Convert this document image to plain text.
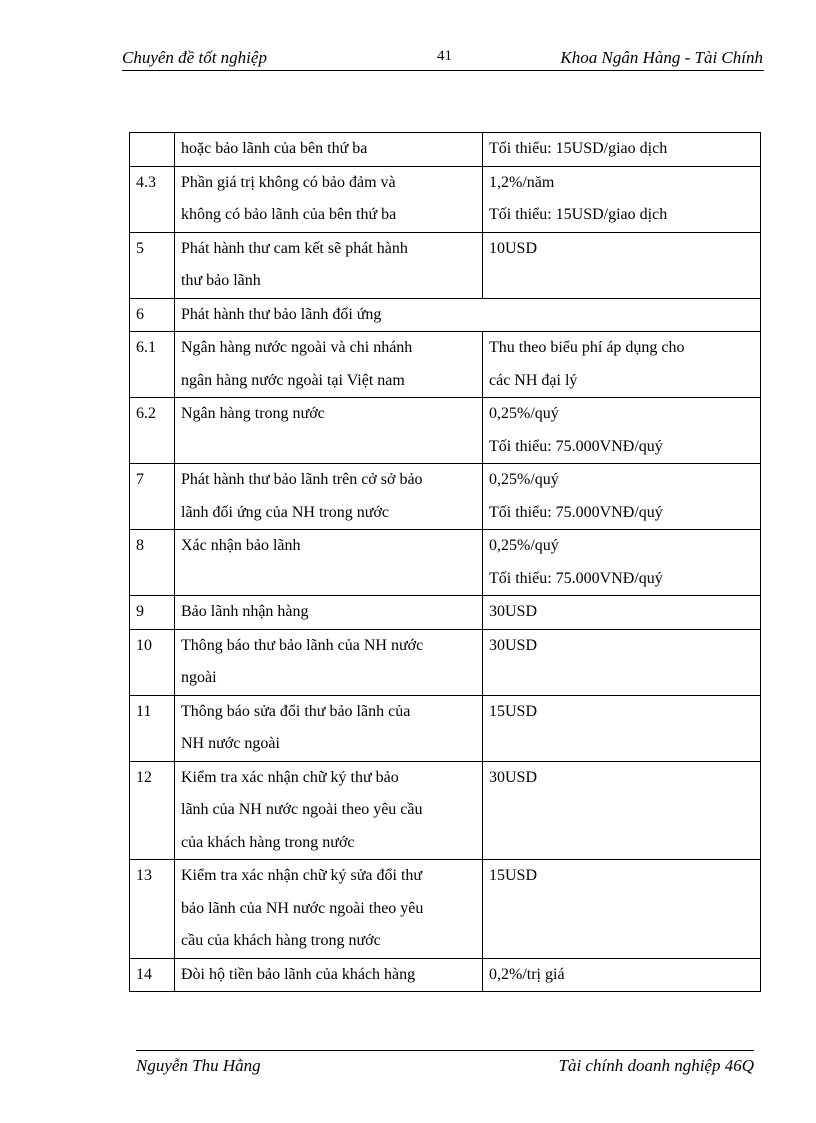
Chuyên đề tốt nghiệp	41	Khoa Ngân Hàng - Tài Chính

	hoặc bảo lãnh của bên thứ ba	Tối thiểu: 15USD/giao dịch

4.3	Phần giá trị không có bảo đảm và
không có bảo lãnh của bên thứ ba	1,2%/năm
Tối thiểu: 15USD/giao dịch

5	Phát hành thư cam kết sẽ phát hành
thư bảo lãnh	10USD

6	Phát hành thư bảo lãnh đối ứng	

6.1	Ngân hàng nước ngoài và chi nhánh
ngân hàng nước ngoài tại Việt nam	Thu theo biểu phí áp dụng cho
các NH đại lý

6.2	Ngân hàng trong nước	0,25%/quý
Tối thiểu: 75.000VNĐ/quý

7	Phát hành thư bảo lãnh trên cở sở bảo
lãnh đối ứng của NH trong nước	0,25%/quý
Tối thiểu: 75.000VNĐ/quý

8	Xác nhận bảo lãnh	0,25%/quý
Tối thiểu: 75.000VNĐ/quý

9	Bảo lãnh nhận hàng	30USD

10	Thông báo thư bảo lãnh của NH nước
ngoài	30USD

11	Thông báo sửa đổi thư bảo lãnh của
NH nước ngoài	15USD

12	Kiểm tra xác nhận chữ ký thư bảo
lãnh của NH nước ngoài theo yêu cầu
của khách hàng trong nước	30USD

13	Kiểm tra xác nhận chữ ký sửa đổi thư
bảo lãnh của NH nước ngoài theo yêu
cầu của khách hàng trong nước	15USD

14	Đòi hộ tiền bảo lãnh của khách hàng	0,2%/trị giá
Nguyễn Thu Hằng	Tài chính doanh nghiệp 46Q
